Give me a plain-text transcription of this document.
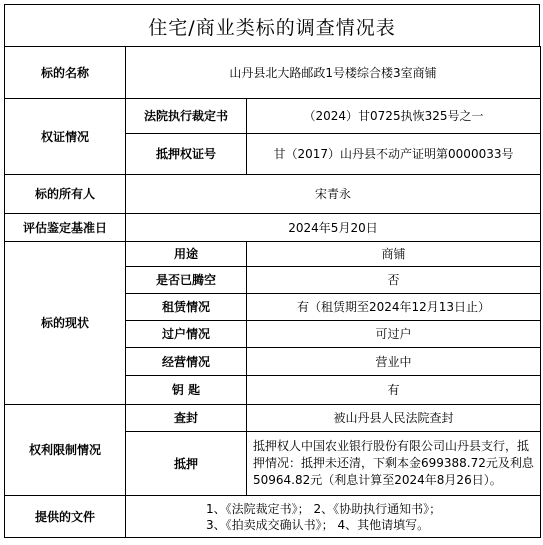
住宅/商业类标的调查情况表
标的名称	山丹县北大路邮政1号楼综合楼3室商铺	
权证情况	法院执行裁定书	（2024）甘0725执恢325号之一
	抵押权证号	甘（2017）山丹县不动产证明第0000033号
标的所有人	宋青永	
评估鉴定基准日	2024年5月20日	
标的现状	用途	商铺
	是否已腾空	否
	租赁情况	有（租赁期至2024年12月13日止）
	过户情况	可过户
	经营情况	营业中
	钥 匙	有
权利限制情况	查封	被山丹县人民法院查封
	抵押	抵押权人中国农业银行股份有限公司山丹县支行，抵押情况：抵押未还清，下剩本金699388.72元及利息50964.82元（利息计算至2024年8月26日）。
提供的文件	1、《法院裁定书》； 2、《协助执行通知书》；
3、《拍卖成交确认书》； 4、其他请填写。	
